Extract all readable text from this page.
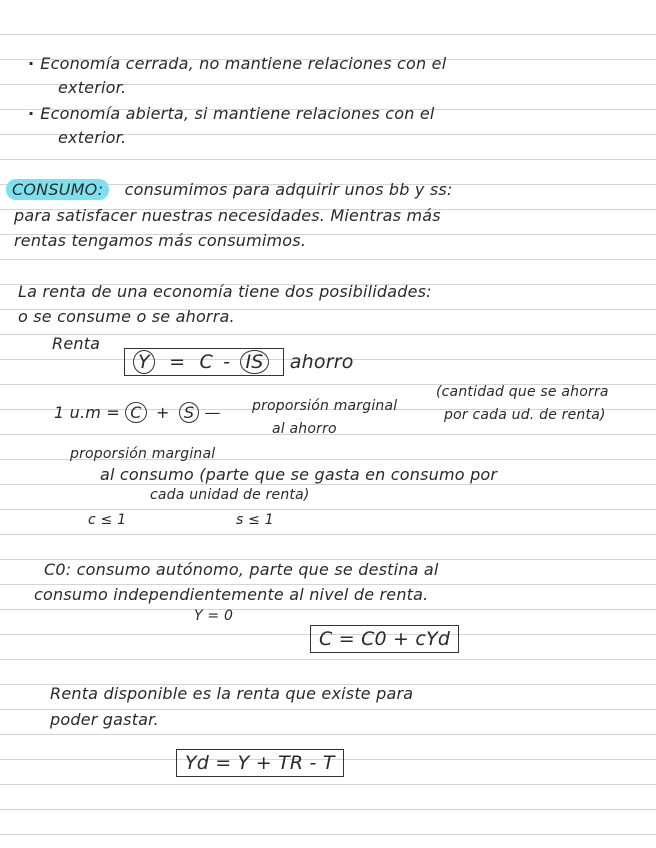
· Economía cerrada, no mantiene relaciones con el
exterior.
· Economía abierta, si mantiene relaciones con el
exterior.
CONSUMO: consumimos para adquirir unos bb y ss:
para satisfacer nuestras necesidades. Mientras más
rentas tengamos más consumimos.
La renta de una economía tiene dos posibilidades:
o se consume o se ahorra.
Renta
Y = C - IS ahorro
1 u.m = C + S — proporsión marginal
al ahorro
(cantidad que se ahorra
por cada ud. de renta)
proporsión marginal
al consumo (parte que se gasta en consumo por
cada unidad de renta)
c ≤ 1	s ≤ 1
C0: consumo autónomo, parte que se destina al
consumo independientemente al nivel de renta.
Y = 0
C = C0 + cYd
Renta disponible es la renta que existe para
poder gastar.
Yd = Y + TR - T
